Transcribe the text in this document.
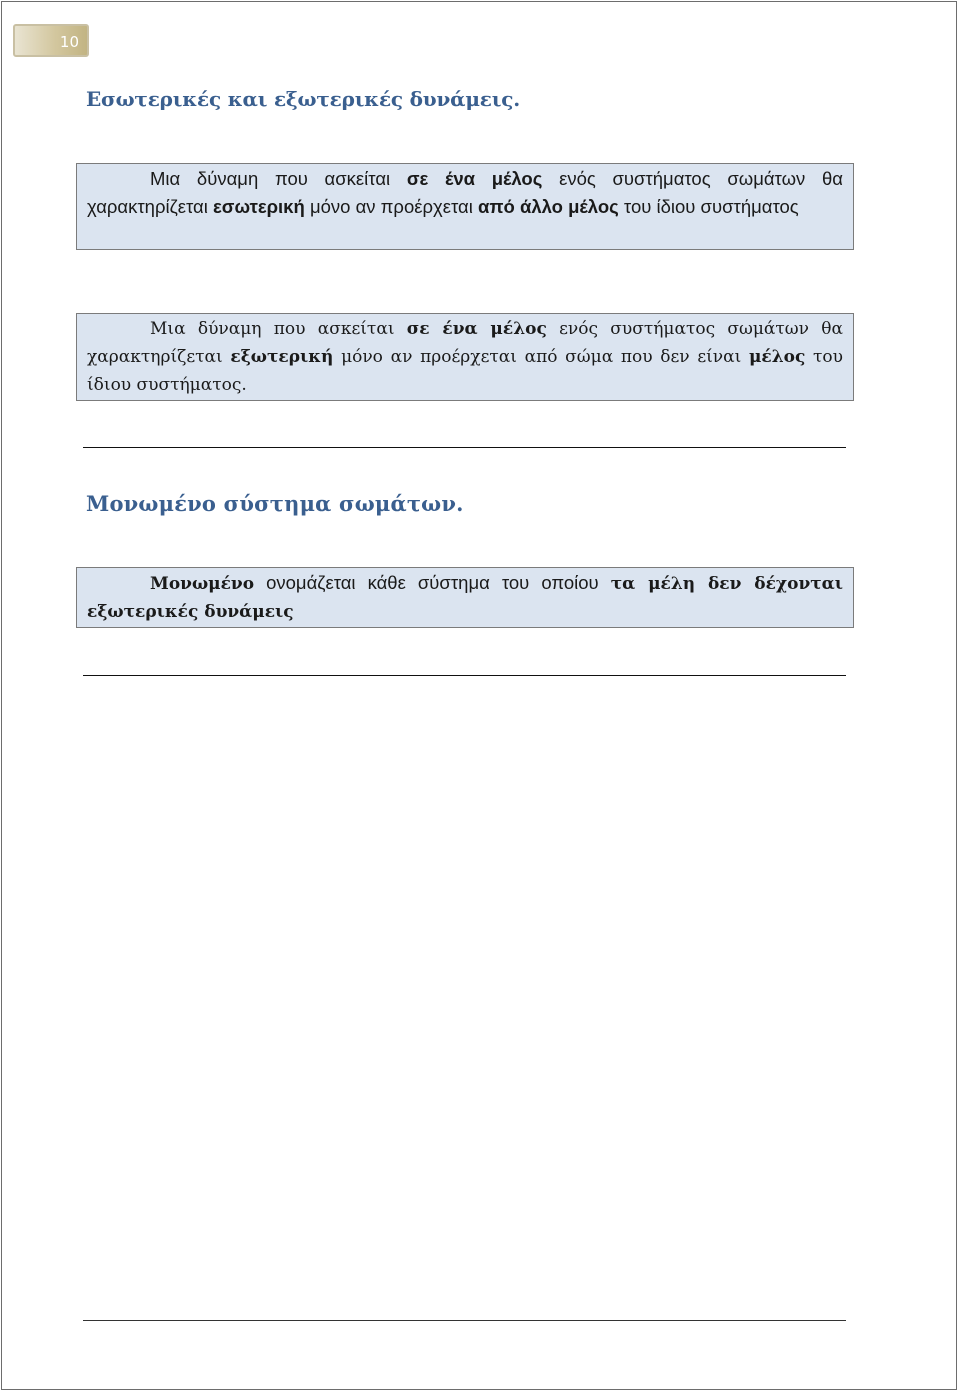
10
Εσωτερικές και εξωτερικές δυνάμεις.

Μια δύναμη που ασκείται σε ένα μέλος ενός συστήματος σωμάτων θα χαρακτηρίζεται εσωτερική μόνο αν προέρχεται από άλλο μέλος του ίδιου συστήματος

Μια δύναμη που ασκείται σε ένα μέλος ενός συστήματος σωμάτων θα χαρακτηρίζεται εξωτερική μόνο αν προέρχεται από σώμα που δεν είναι μέλος του ίδιου συστήματος.

Μονωμένο σύστημα σωμάτων.

Μονωμένο ονομάζεται κάθε σύστημα του οποίου τα μέλη δεν δέχονται εξωτερικές δυνάμεις
